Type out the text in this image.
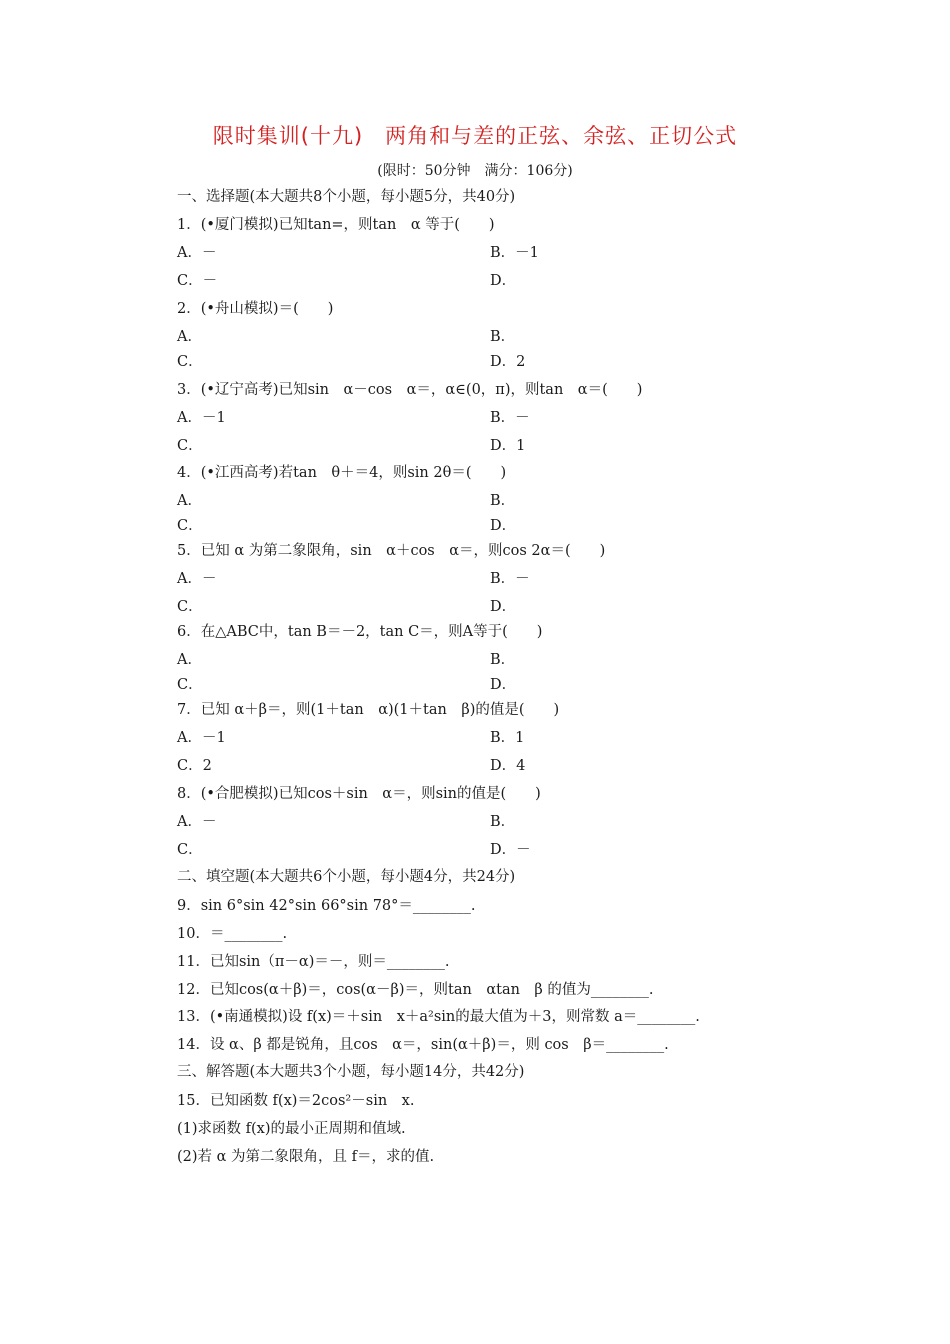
限时集训(十九)　两角和与差的正弦、余弦、正切公式
(限时：50分钟　满分：106分)
一、选择题(本大题共8个小题，每小题5分，共40分)
1．(•厦门模拟)已知tan=，则tan　α 等于(　　)
A．－	B．－1
C．－	D．
2．(•舟山模拟)＝(　　)
A．	B．
C．	D．2
3．(•辽宁高考)已知sin　α－cos　α＝，α∈(0，π)，则tan　α＝(　　)
A．－1	B．－
C．	D．1
4．(•江西高考)若tan　θ＋＝4，则sin 2θ＝(　　)
A．	B．
C．	D．
5．已知 α 为第二象限角，sin　α＋cos　α＝，则cos 2α＝(　　)
A．－	B．－
C．	D．
6．在△ABC中，tan B＝－2，tan C＝，则A等于(　　)
A．	B．
C．	D．
7．已知 α＋β＝，则(1＋tan　α)(1＋tan　β)的值是(　　)
A．－1	B．1
C．2	D．4
8．(•合肥模拟)已知cos＋sin　α＝，则sin的值是(　　)
A．－	B．
C．	D．－
二、填空题(本大题共6个小题，每小题4分，共24分)
9．sin 6°sin 42°sin 66°sin 78°＝________.
10．＝________.
11．已知sin（π－α)＝－，则＝________.
12．已知cos(α＋β)＝，cos(α－β)＝，则tan　αtan　β 的值为________.
13．(•南通模拟)设 f(x)＝＋sin　x＋a²sin的最大值为＋3，则常数 a＝________.
14．设 α、β 都是锐角，且cos　α＝，sin(α＋β)＝，则 cos　β＝________.
三、解答题(本大题共3个小题，每小题14分，共42分)
15．已知函数 f(x)＝2cos²－sin　x.
(1)求函数 f(x)的最小正周期和值域.
(2)若 α 为第二象限角，且 f＝，求的值.
